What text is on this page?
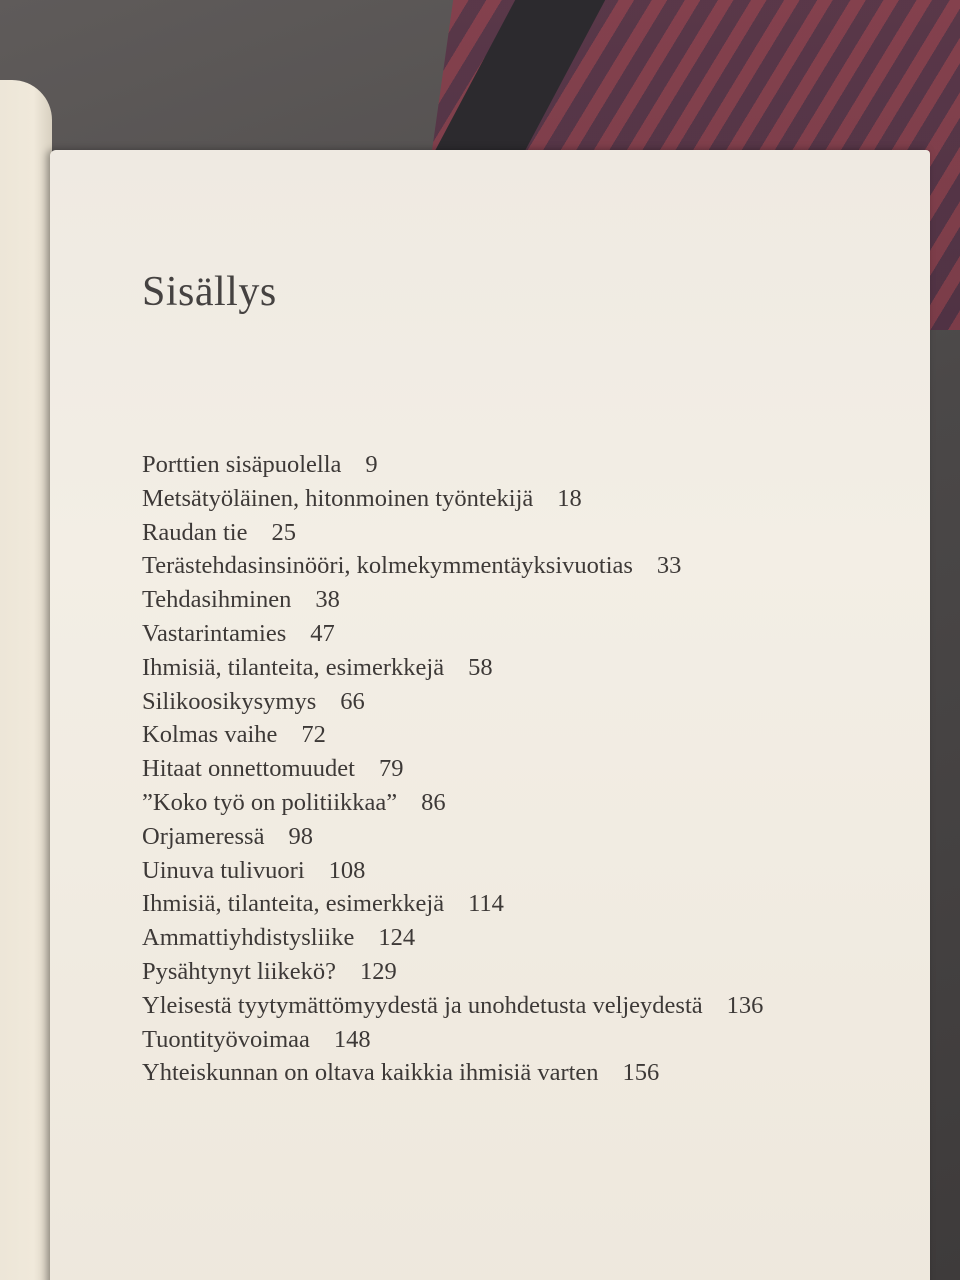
Sisällys
Porttien sisäpuolella 9
Metsätyöläinen, hitonmoinen työntekijä 18
Raudan tie 25
Terästehdasinsinööri, kolmekymmentäyksivuotias 33
Tehdasihminen 38
Vastarintamies 47
Ihmisiä, tilanteita, esimerkkejä 58
Silikoosikysymys 66
Kolmas vaihe 72
Hitaat onnettomuudet 79
”Koko työ on politiikkaa” 86
Orjameressä 98
Uinuva tulivuori 108
Ihmisiä, tilanteita, esimerkkejä 114
Ammattiyhdistysliike 124
Pysähtynyt liikekö? 129
Yleisestä tyytymättömyydestä ja unohdetusta veljeydestä 136
Tuontityövoimaa 148
Yhteiskunnan on oltava kaikkia ihmisiä varten 156
